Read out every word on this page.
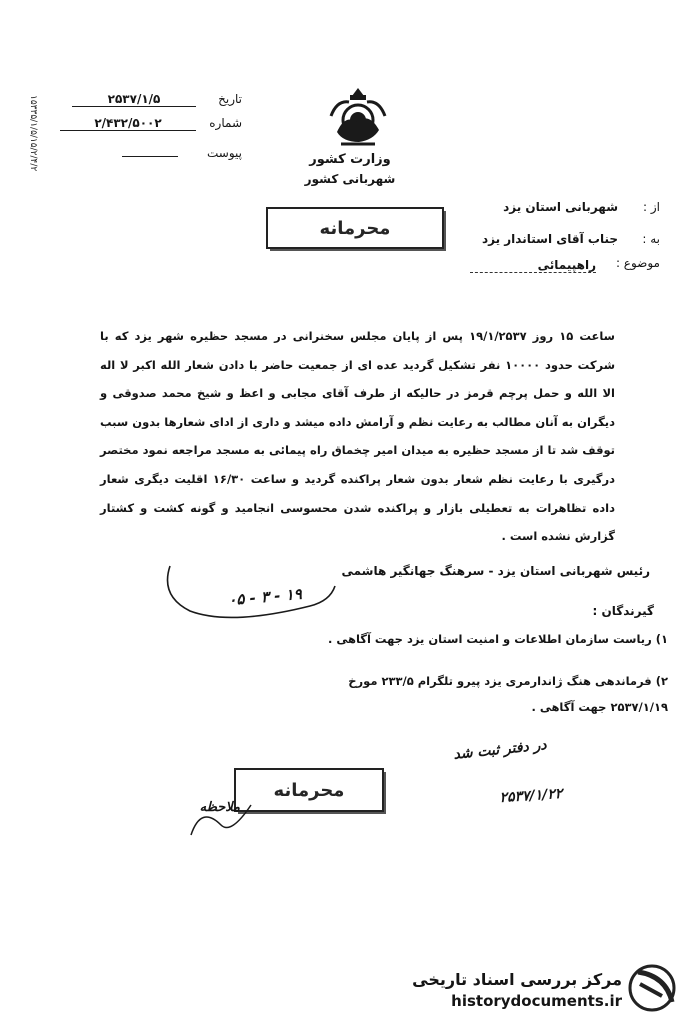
۱۵۳۳۵/۱/۵/۱۵/۲/۴/۲	تاریخ
۲۵۳۷/۱/۵
شماره
۲/۴۳۲/۵۰۰۲
پیوست	وزارت کشور
شهربانی کشور
محرمانه
از :
شهربانی استان یزد
به :
جناب آقای استاندار یزد
موضوع :
راهپیمائی
ساعت ۱۵ روز ۱۹/۱/۲۵۳۷ پس از پایان مجلس سخنرانی در مسجد حظیره شهر یزد که با شرکت حدود ۱۰۰۰۰ نفر تشکیل گردید عده ای از جمعیت حاضر با دادن شعار الله اکبر لا اله الا الله و حمل پرچم قرمز در حالیکه از طرف آقای مجابی و اعظ و شیخ محمد صدوقی و دیگران به آنان مطالب به رعایت نظم و آرامش داده میشد و داری از ادای شعارها بدون سبب توقف شد تا از مسجد حظیره به میدان امیر چخماق راه پیمائی به مسجد مراجعه نمود مختصر درگیری با رعایت نظم شعار بدون شعار پراکنده گردید و ساعت ۱۶/۳۰ اقلیت دیگری شعار داده تظاهرات به تعطیلی بازار و پراکنده شدن محسوسی انجامید و گونه کشت و کشتار گزارش نشده است .
رئیس شهربانی استان یزد - سرهنگ جهانگیر هاشمی
۰۵ - ۳ - ۱۹
گیرندگان :
۱) ریاست سازمان اطلاعات و امنیت استان یزد جهت آگاهی .
۲) فرماندهی هنگ ژاندارمری یزد پیرو تلگرام ۲۳۳/۵ مورخ ۲۵۳۷/۱/۱۹ جهت آگاهی .
در دفتر ثبت شد
۲۵۳۷/۱/۲۲
محرمانه
ملاحظه
مرکز بررسی اسناد تاریخی
historydocuments.ir
